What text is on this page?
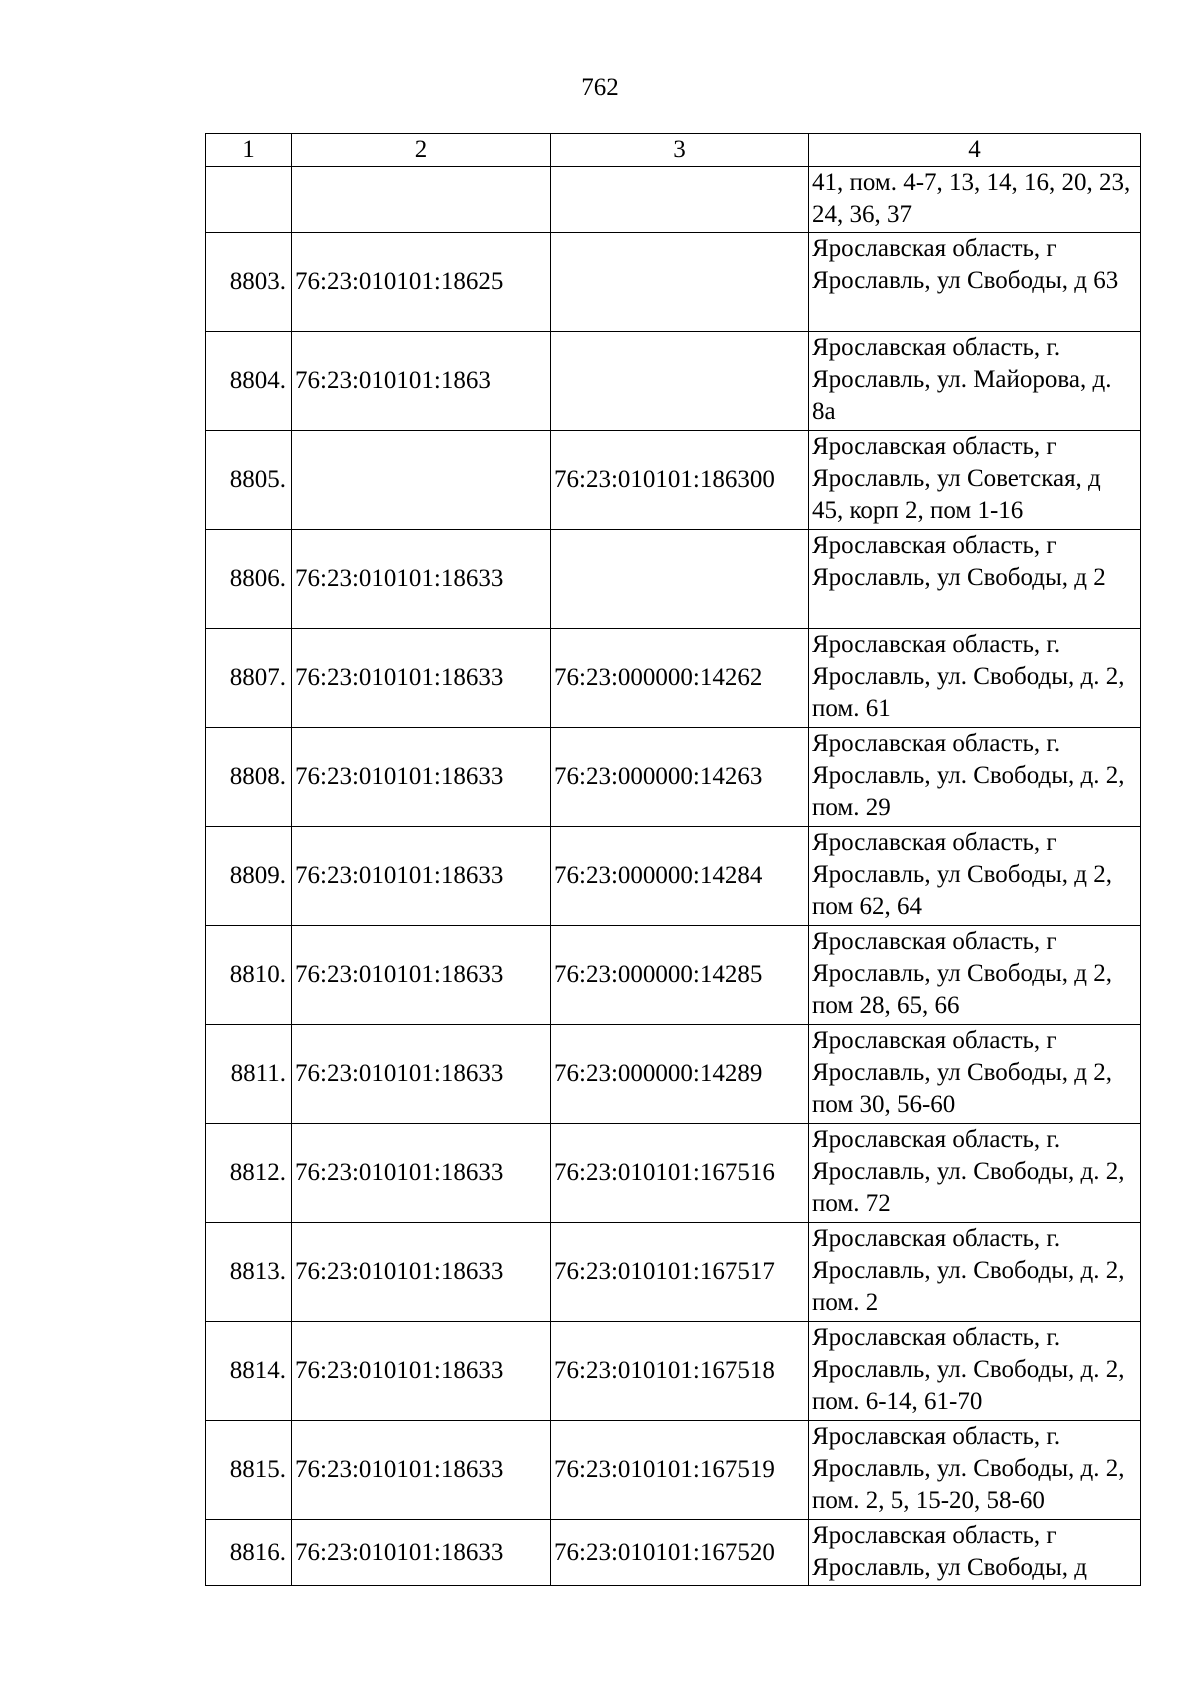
762
1	2	3	4
			41, пом. 4-7, 13, 14, 16, 20, 23, 24, 36, 37
8803.	76:23:010101:18625		Ярославская область, г Ярославль, ул Свободы, д 63
8804.	76:23:010101:1863		Ярославская область, г. Ярославль, ул. Майорова, д. 8а
8805.		76:23:010101:186300	Ярославская область, г Ярославль, ул Советская, д 45, корп 2, пом 1-16
8806.	76:23:010101:18633		Ярославская область, г Ярославль, ул Свободы, д 2
8807.	76:23:010101:18633	76:23:000000:14262	Ярославская область, г. Ярославль, ул. Свободы, д. 2, пом. 61
8808.	76:23:010101:18633	76:23:000000:14263	Ярославская область, г. Ярославль, ул. Свободы, д. 2, пом. 29
8809.	76:23:010101:18633	76:23:000000:14284	Ярославская область, г Ярославль, ул Свободы, д 2, пом 62, 64
8810.	76:23:010101:18633	76:23:000000:14285	Ярославская область, г Ярославль, ул Свободы, д 2, пом 28, 65, 66
8811.	76:23:010101:18633	76:23:000000:14289	Ярославская область, г Ярославль, ул Свободы, д 2, пом 30, 56-60
8812.	76:23:010101:18633	76:23:010101:167516	Ярославская область, г. Ярославль, ул. Свободы, д. 2, пом. 72
8813.	76:23:010101:18633	76:23:010101:167517	Ярославская область, г. Ярославль, ул. Свободы, д. 2, пом. 2
8814.	76:23:010101:18633	76:23:010101:167518	Ярославская область, г. Ярославль, ул. Свободы, д. 2, пом. 6-14, 61-70
8815.	76:23:010101:18633	76:23:010101:167519	Ярославская область, г. Ярославль, ул. Свободы, д. 2, пом. 2, 5, 15-20, 58-60
8816.	76:23:010101:18633	76:23:010101:167520	Ярославская область, г Ярославль, ул Свободы, д
